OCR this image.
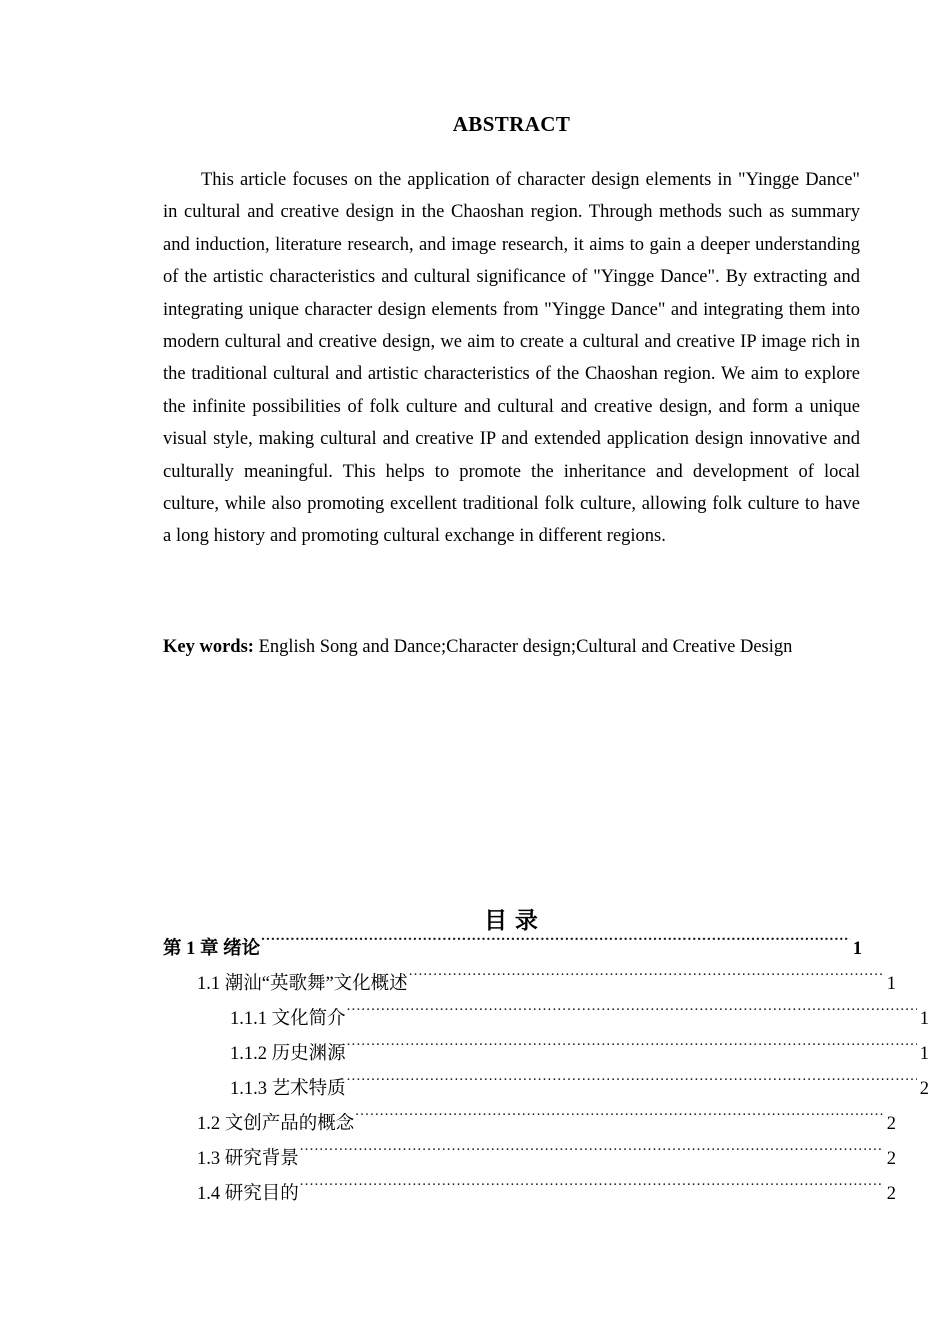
ABSTRACT

This article focuses on the application of character design elements in "Yingge Dance" in cultural and creative design in the Chaoshan region. Through methods such as summary and induction, literature research, and image research, it aims to gain a deeper understanding of the artistic characteristics and cultural significance of "Yingge Dance". By extracting and integrating unique character design elements from "Yingge Dance" and integrating them into modern cultural and creative design, we aim to create a cultural and creative IP image rich in the traditional cultural and artistic characteristics of the Chaoshan region. We aim to explore the infinite possibilities of folk culture and cultural and creative design, and form a unique visual style, making cultural and creative IP and extended application design innovative and culturally meaningful. This helps to promote the inheritance and development of local culture, while also promoting excellent traditional folk culture, allowing folk culture to have a long history and promoting cultural exchange in different regions.

Key words: English Song and Dance;Character design;Cultural and Creative Design
目 录
第 1 章 绪论 . . .	1
1.1 潮汕“英歌舞”文化概述 . . .	1
1.1.1 文化简介 . . .	1
1.1.2 历史渊源 . . .	1
1.1.3 艺术特质 . . .	2
1.2 文创产品的概念 . . .	2
1.3 研究背景 . . .	2
1.4 研究目的 . . .	2
